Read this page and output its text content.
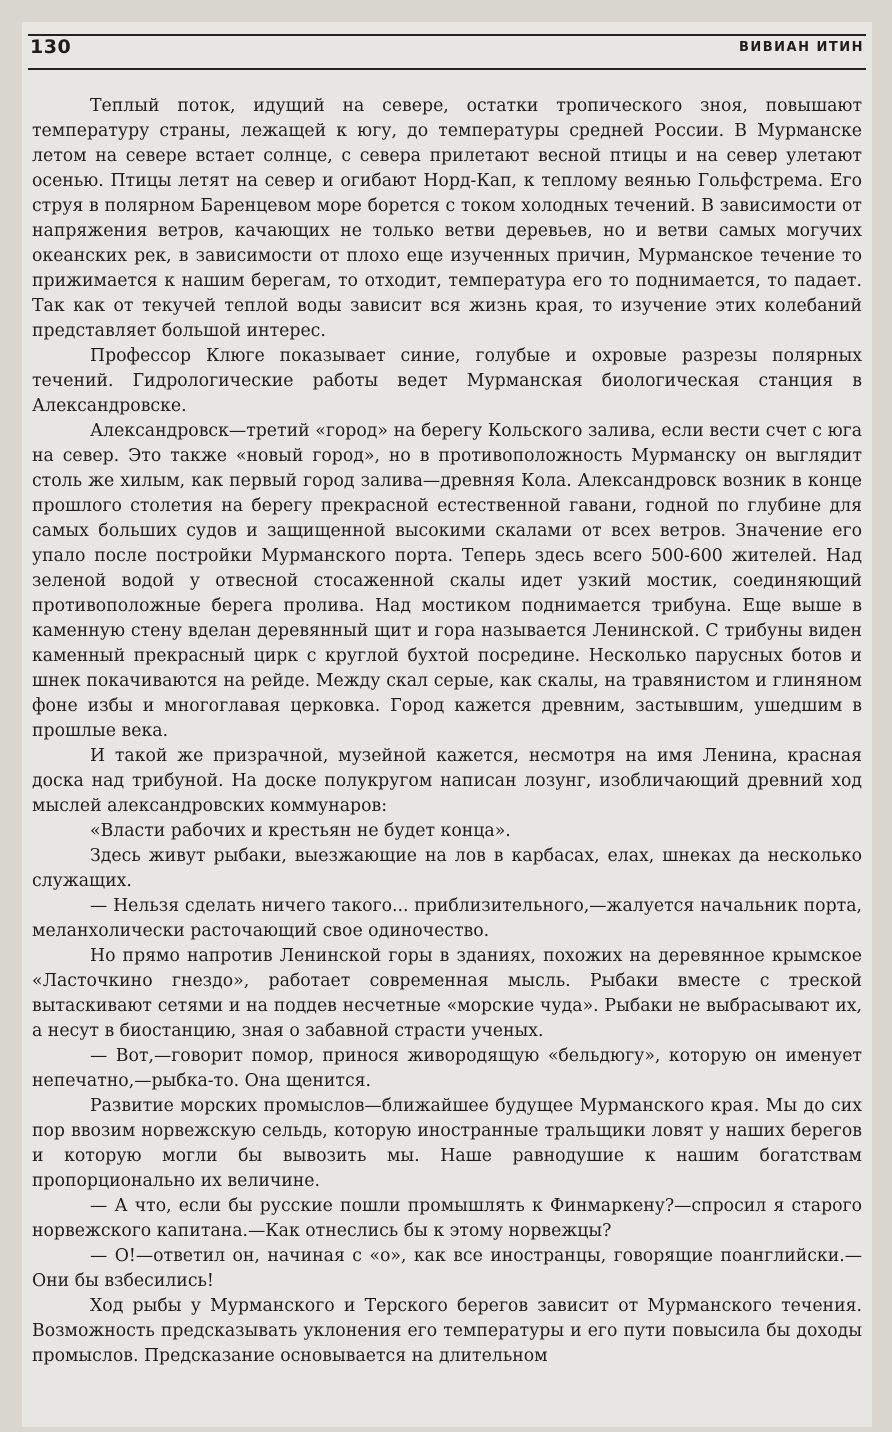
130	ВИВИАН ИТИН

Теплый поток, идущий на севере, остатки тропического зноя, повышают температуру страны, лежащей к югу, до температуры средней России. В Мурманске летом на севере встает солнце, с севера прилетают весной птицы и на север улетают осенью. Птицы летят на север и огибают Норд-Кап, к теплому веянью Гольфстрема. Его струя в полярном Баренцевом море борется с током холодных течений. В зависимости от напряжения ветров, качающих не только ветви деревьев, но и ветви самых могучих океанских рек, в зависимости от плохо еще изученных причин, Мурманское течение то прижимается к нашим берегам, то отходит, температура его то поднимается, то падает. Так как от текучей теплой воды зависит вся жизнь края, то изучение этих колебаний представляет большой интерес.

Профессор Клюге показывает синие, голубые и охровые разрезы полярных течений. Гидрологические работы ведет Мурманская биологическая станция в Александровске.

Александровск—третий «город» на берегу Кольского залива, если вести счет с юга на север. Это также «новый город», но в противоположность Мурманску он выглядит столь же хилым, как первый город залива—древняя Кола. Александровск возник в конце прошлого столетия на берегу прекрасной естественной гавани, годной по глубине для самых больших судов и защищенной высокими скалами от всех ветров. Значение его упало после постройки Мурманского порта. Теперь здесь всего 500-600 жителей. Над зеленой водой у отвесной стосаженной скалы идет узкий мостик, соединяющий противоположные берега пролива. Над мостиком поднимается трибуна. Еще выше в каменную стену вделан деревянный щит и гора называется Ленинской. С трибуны виден каменный прекрасный цирк с круглой бухтой посредине. Несколько парусных ботов и шнек покачиваются на рейде. Между скал серые, как скалы, на травянистом и глиняном фоне избы и многоглавая церковка. Город кажется древним, застывшим, ушедшим в прошлые века.

И такой же призрачной, музейной кажется, несмотря на имя Ленина, красная доска над трибуной. На доске полукругом написан лозунг, изобличающий древний ход мыслей александровских коммунаров:

«Власти рабочих и крестьян не будет конца».

Здесь живут рыбаки, выезжающие на лов в карбасах, елах, шнеках да несколько служащих.

— Нельзя сделать ничего такого... приблизительного,—жалуется начальник порта, меланхолически расточающий свое одиночество.

Но прямо напротив Ленинской горы в зданиях, похожих на деревянное крымское «Ласточкино гнездо», работает современная мысль. Рыбаки вместе с треской вытаскивают сетями и на поддев несчетные «морские чуда». Рыбаки не выбрасывают их, а несут в биостанцию, зная о забавной страсти ученых.

— Вот,—говорит помор, принося живородящую «бельдюгу», которую он именует непечатно,—рыбка-то. Она щенится.

Развитие морских промыслов—ближайшее будущее Мурманского края. Мы до сих пор ввозим норвежскую сельдь, которую иностранные тральщики ловят у наших берегов и которую могли бы вывозить мы. Наше равнодушие к нашим богатствам пропорционально их величине.

— А что, если бы русские пошли промышлять к Финмаркену?—спросил я старого норвежского капитана.—Как отнеслись бы к этому норвежцы?

— О!—ответил он, начиная с «о», как все иностранцы, говорящие поанглийски.—Они бы взбесились!

Ход рыбы у Мурманского и Терского берегов зависит от Мурманского течения. Возможность предсказывать уклонения его температуры и его пути повысила бы доходы промыслов. Предсказание основывается на длительном
